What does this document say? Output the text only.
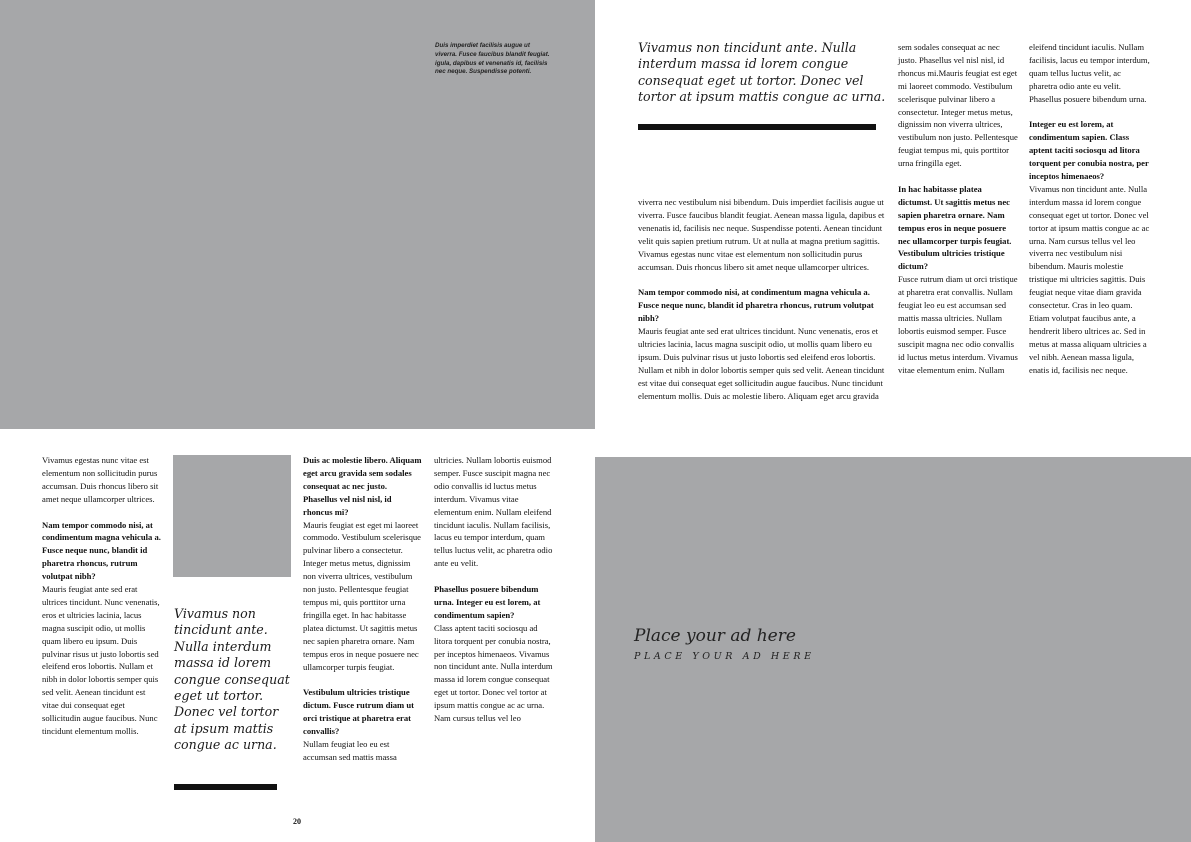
Duis imperdiet facilisis augue ut viverra. Fusce faucibus blandit feugiat. igula, dapibus et venenatis id, facilisis nec neque. Suspendisse potenti.
Vivamus non tincidunt ante. Nulla interdum massa id lorem congue consequat eget ut tortor. Donec vel tortor at ipsum mattis congue ac urna.

viverra nec vestibulum nisi bibendum. Duis imperdiet facilisis augue ut viverra. Fusce faucibus blandit feugiat. Aenean massa ligula, dapibus et venenatis id, facilisis nec neque. Suspendisse potenti. Aenean tincidunt velit quis sapien pretium rutrum. Ut at nulla at magna pretium sagittis. Vivamus egestas nunc vitae est elementum non sollicitudin purus accumsan. Duis rhoncus libero sit amet neque ullamcorper ultrices.

Nam tempor commodo nisi, at condimentum magna vehicula a. Fusce neque nunc, blandit id pharetra rhoncus, rutrum volutpat nibh?
Mauris feugiat ante sed erat ultrices tincidunt. Nunc venenatis, eros et ultricies lacinia, lacus magna suscipit odio, ut mollis quam libero eu ipsum. Duis pulvinar risus ut justo lobortis sed eleifend eros lobortis. Nullam et nibh in dolor lobortis semper quis sed velit. Aenean tincidunt est vitae dui consequat eget sollicitudin augue faucibus. Nunc tincidunt elementum mollis. Duis ac molestie libero. Aliquam eget arcu gravida

sem sodales consequat ac nec justo. Phasellus vel nisl nisl, id rhoncus mi.Mauris feugiat est eget mi laoreet commodo. Vestibulum scelerisque pulvinar libero a consectetur. Integer metus metus, dignissim non viverra ultrices, vestibulum non justo. Pellentesque feugiat tempus mi, quis porttitor urna fringilla eget.

In hac habitasse platea dictumst. Ut sagittis metus nec sapien pharetra ornare. Nam tempus eros in neque posuere nec ullamcorper turpis feugiat. Vestibulum ultricies tristique dictum?
Fusce rutrum diam ut orci tristique at pharetra erat convallis. Nullam feugiat leo eu est accumsan sed mattis massa ultricies. Nullam lobortis euismod semper. Fusce suscipit magna nec odio convallis id luctus metus interdum. Vivamus vitae elementum enim. Nullam

eleifend tincidunt iaculis. Nullam facilisis, lacus eu tempor interdum, quam tellus luctus velit, ac pharetra odio ante eu velit. Phasellus posuere bibendum urna.

Integer eu est lorem, at condimentum sapien. Class aptent taciti sociosqu ad litora torquent per conubia nostra, per inceptos himenaeos?
Vivamus non tincidunt ante. Nulla interdum massa id lorem congue consequat eget ut tortor. Donec vel tortor at ipsum mattis congue ac ac urna. Nam cursus tellus vel leo viverra nec vestibulum nisi bibendum. Mauris molestie tristique mi ultricies sagittis. Duis feugiat neque vitae diam gravida consectetur. Cras in leo quam. Etiam volutpat faucibus ante, a hendrerit libero ultrices ac. Sed in metus at massa aliquam ultricies a vel nibh. Aenean massa ligula, enatis id, facilisis nec neque.

Vivamus egestas nunc vitae est elementum non sollicitudin purus accumsan. Duis rhoncus libero sit amet neque ullamcorper ultrices.

Nam tempor commodo nisi, at condimentum magna vehicula a. Fusce neque nunc, blandit id pharetra rhoncus, rutrum volutpat nibh?
Mauris feugiat ante sed erat ultrices tincidunt. Nunc venenatis, eros et ultricies lacinia, lacus magna suscipit odio, ut mollis quam libero eu ipsum. Duis pulvinar risus ut justo lobortis sed eleifend eros lobortis. Nullam et nibh in dolor lobortis semper quis sed velit. Aenean tincidunt est vitae dui consequat eget sollicitudin augue faucibus. Nunc tincidunt elementum mollis.
Vivamus non tincidunt ante. Nulla interdum massa id lorem congue consequat eget ut tortor. Donec vel tortor at ipsum mattis congue ac urna.
Duis ac molestie libero. Aliquam eget arcu gravida sem sodales consequat ac nec justo. Phasellus vel nisl nisl, id rhoncus mi?
Mauris feugiat est eget mi laoreet commodo. Vestibulum scelerisque pulvinar libero a consectetur. Integer metus metus, dignissim non viverra ultrices, vestibulum non justo. Pellentesque feugiat tempus mi, quis porttitor urna fringilla eget. In hac habitasse platea dictumst. Ut sagittis metus nec sapien pharetra ornare. Nam tempus eros in neque posuere nec ullamcorper turpis feugiat.
Vestibulum ultricies tristique dictum. Fusce rutrum diam ut orci tristique at pharetra erat convallis?
Nullam feugiat leo eu est accumsan sed mattis massa

ultricies. Nullam lobortis euismod semper. Fusce suscipit magna nec odio convallis id luctus metus interdum. Vivamus vitae elementum enim. Nullam eleifend tincidunt iaculis. Nullam facilisis, lacus eu tempor interdum, quam tellus luctus velit, ac pharetra odio ante eu velit.

Phasellus posuere bibendum urna. Integer eu est lorem, at condimentum sapien?
Class aptent taciti sociosqu ad litora torquent per conubia nostra, per inceptos himenaeos. Vivamus non tincidunt ante. Nulla interdum massa id lorem congue consequat eget ut tortor. Donec vel tortor at ipsum mattis congue ac ac urna. Nam cursus tellus vel leo
20
Place your ad here
PLACE YOUR AD HERE
